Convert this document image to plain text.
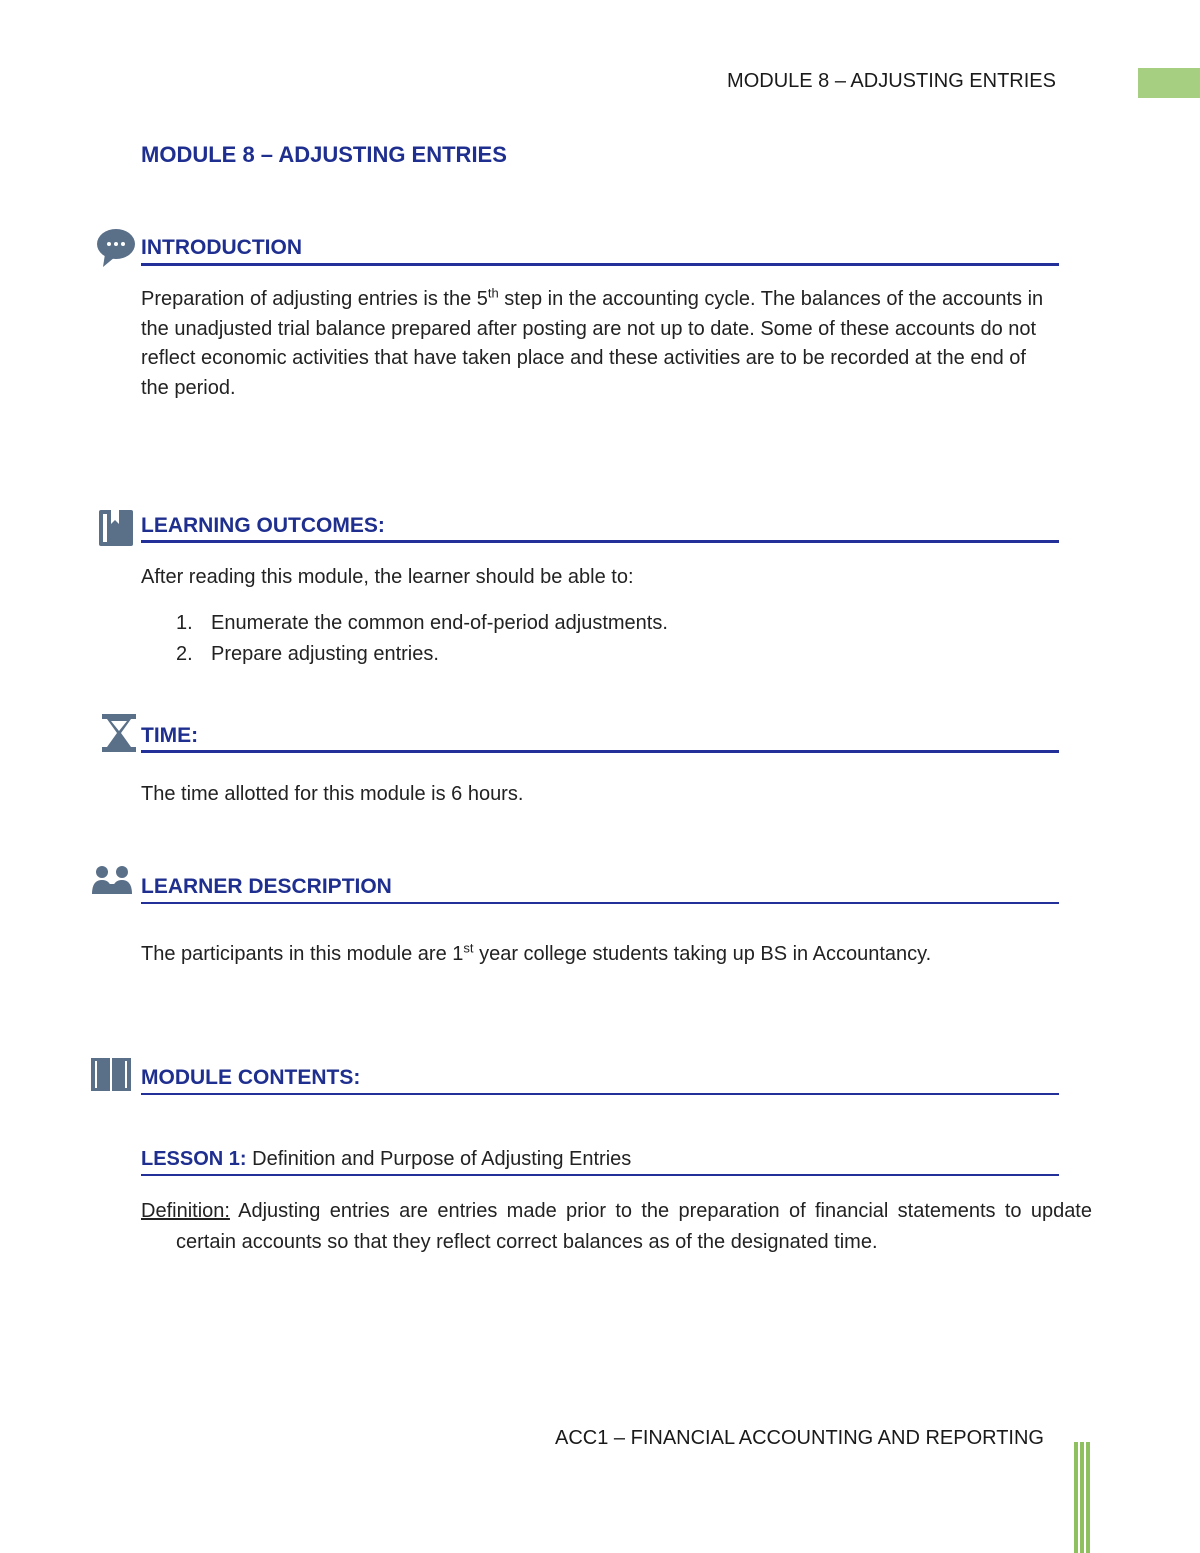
MODULE 8 – ADJUSTING ENTRIES
MODULE 8 – ADJUSTING ENTRIES
INTRODUCTION
Preparation of adjusting entries is the 5th step in the accounting cycle. The balances of the accounts in the unadjusted trial balance prepared after posting are not up to date. Some of these accounts do not reflect economic activities that have taken place and these activities are to be recorded at the end of the period.
LEARNING OUTCOMES:
After reading this module, the learner should be able to:
1. Enumerate the common end-of-period adjustments.
2. Prepare adjusting entries.
TIME:
The time allotted for this module is 6 hours.
LEARNER DESCRIPTION
The participants in this module are 1st year college students taking up BS in Accountancy.
MODULE CONTENTS:
LESSON 1: Definition and Purpose of Adjusting Entries
Definition: Adjusting entries are entries made prior to the preparation of financial statements to update certain accounts so that they reflect correct balances as of the designated time.
ACC1 – FINANCIAL ACCOUNTING AND REPORTING
